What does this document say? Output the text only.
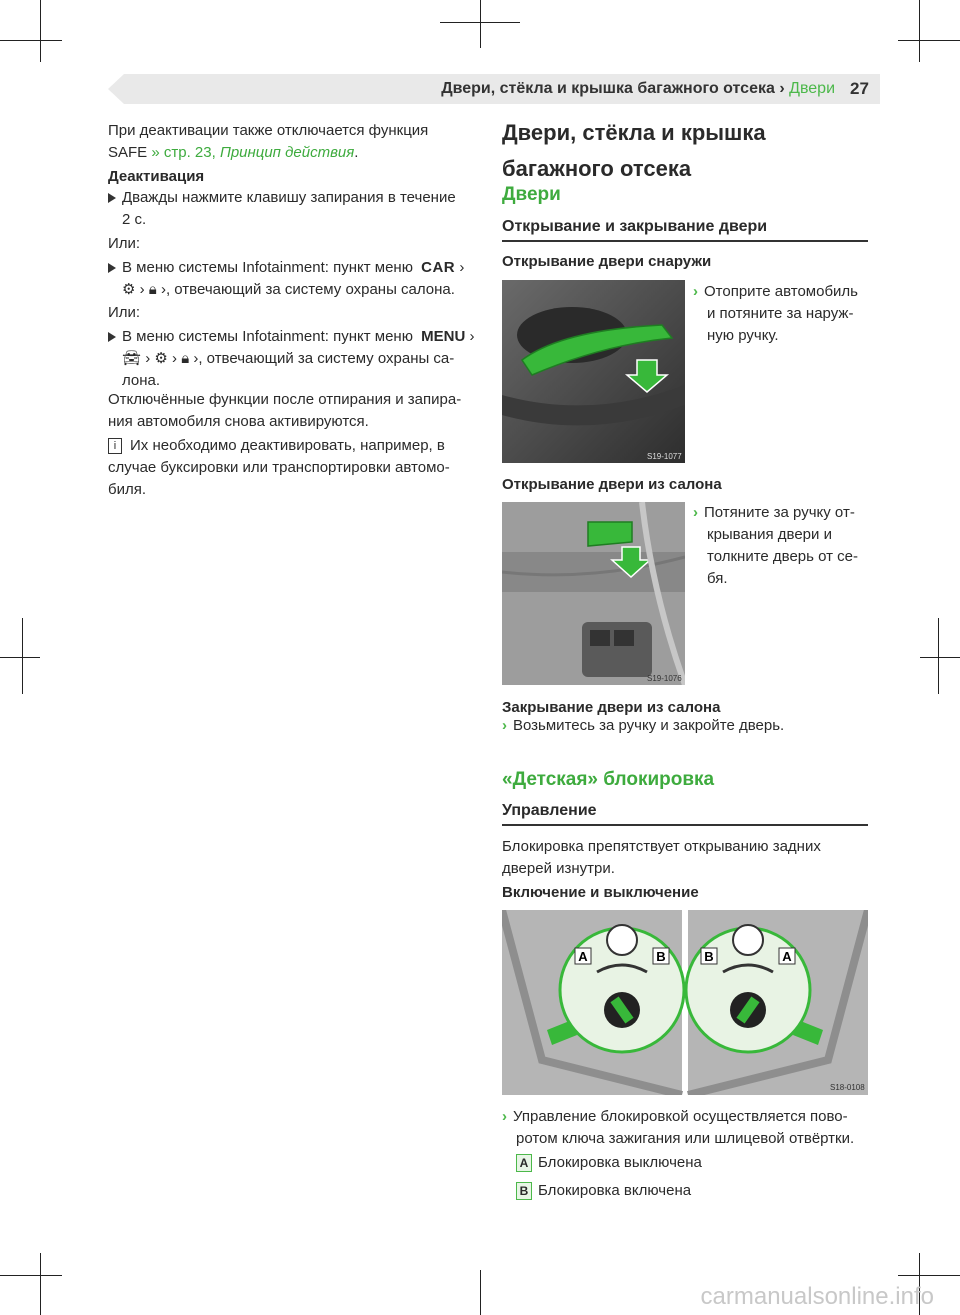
Двери, стёкла и крышка багажного отсека › Двери 27
При деактивации также отключается функция
SAFE » стр. 23, Принцип действия.
Деактивация
Дважды нажмите клавишу запирания в течение
2 с.
Или:
В меню системы Infotainment: пункт меню CAR ›
⚙ › 🔒︎ ›, отвечающий за систему охраны салона.
Или:
В меню системы Infotainment: пункт меню MENU ›
🚘︎ › ⚙ › 🔒︎ ›, отвечающий за систему охраны са-
лона.
Отключённые функции после отпирания и запира-
ния автомобиля снова активируются.
i Их необходимо деактивировать, например, в
случае буксировки или транспортировки автомо-
биля.
Двери, стёкла и крышка
багажного отсека
Двери
Открывание и закрывание двери
Открывание двери снаружи
S19-1077
› Отоприте автомобиль
и потяните за наруж-
ную ручку.
Открывание двери из салона
S19-1076
› Потяните за ручку от-
крывания двери и
толкните дверь от се-
бя.
Закрывание двери из салона
› Возьмитесь за ручку и закройте дверь.
«Детская» блокировка
Управление
Блокировка препятствует открыванию задних
дверей изнутри.
Включение и выключение
A	B	B	A
S18-0108
› Управление блокировкой осуществляется пово-
ротом ключа зажигания или шлицевой отвёртки.
A Блокировка выключена
B Блокировка включена
carmanualsonline.info
